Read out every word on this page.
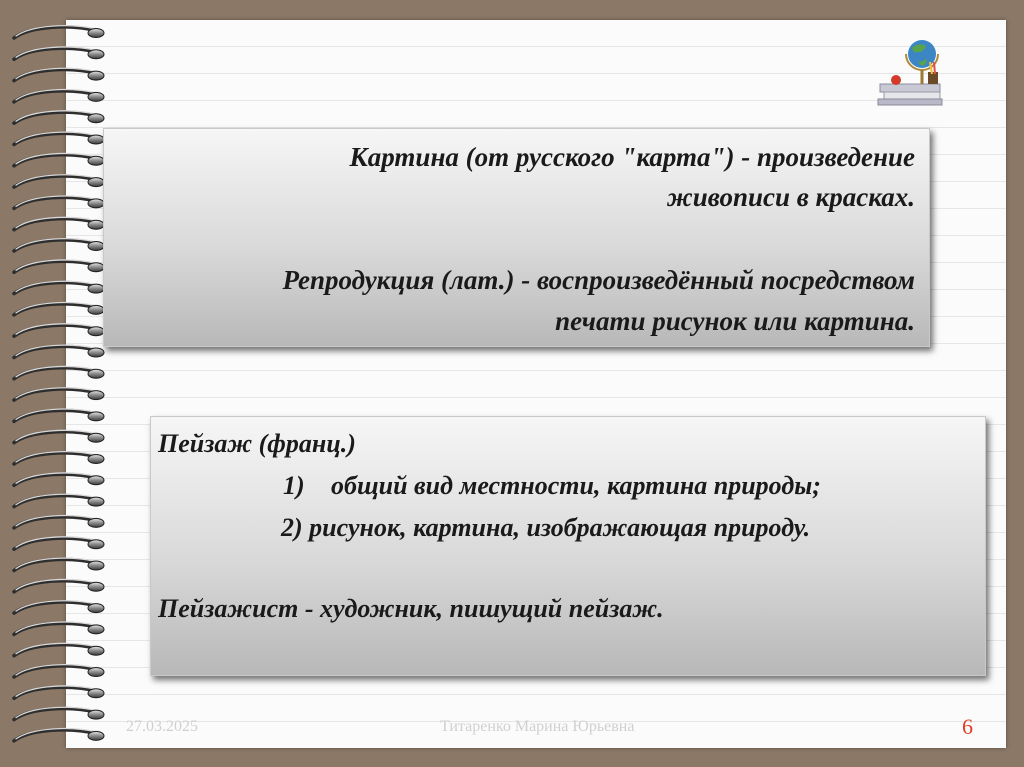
Картина (от русского "карта") - произведение
живописи в красках.
Репродукция (лат.) - воспроизведённый посредством
печати рисунок или картина.
Пейзаж (франц.)
1) общий вид местности, картина природы;
2) рисунок, картина, изображающая природу.
Пейзажист - художник, пишущий пейзаж.
27.03.2025	Титаренко Марина Юрьевна	6
